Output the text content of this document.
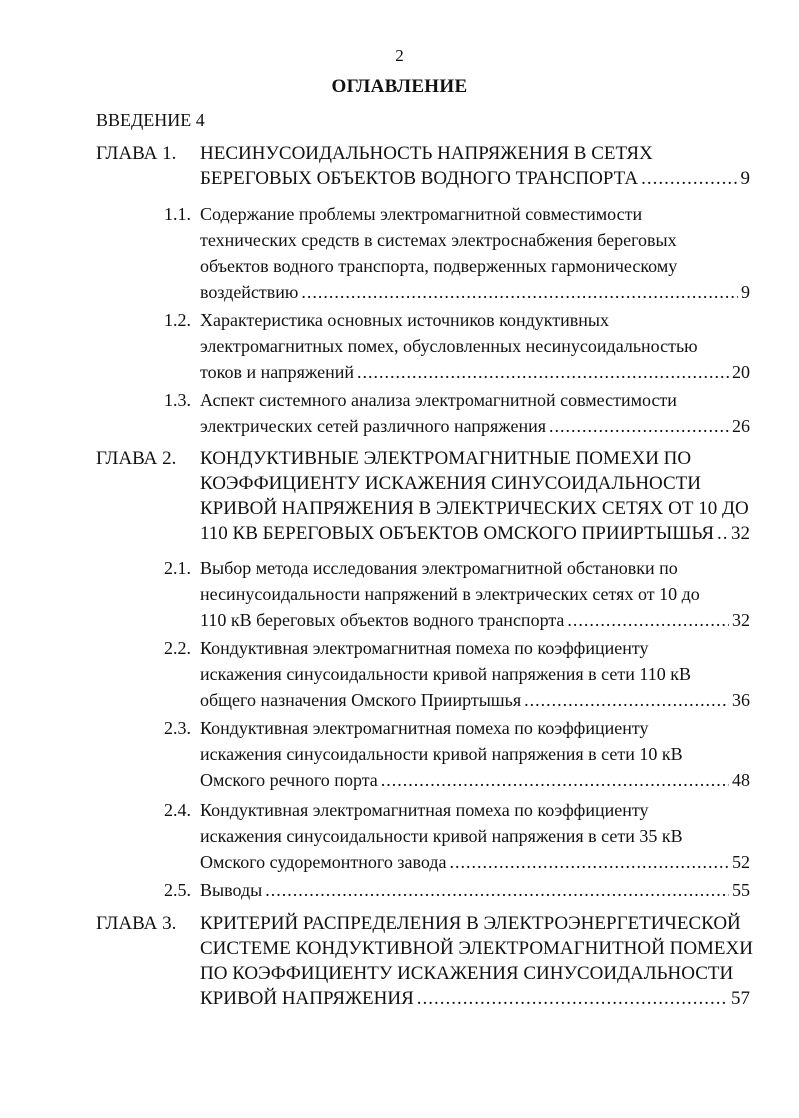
2
ОГЛАВЛЕНИЕ
ВВЕДЕНИЕ 4
ГЛАВА 1. НЕСИНУСОИДАЛЬНОСТЬ НАПРЯЖЕНИЯ В СЕТЯХ
БЕРЕГОВЫХ ОБЪЕКТОВ ВОДНОГО ТРАНСПОРТА .....	9
1.1. Содержание проблемы электромагнитной совместимости
технических средств в системах электроснабжения береговых
объектов водного транспорта, подверженных гармоническому
воздействию .....	9
1.2. Характеристика основных источников кондуктивных
электромагнитных помех, обусловленных несинусоидальностью
токов и напряжений .....	20
1.3. Аспект системного анализа электромагнитной совместимости
электрических сетей различного напряжения .....	26
ГЛАВА 2. КОНДУКТИВНЫЕ ЭЛЕКТРОМАГНИТНЫЕ ПОМЕХИ ПО
КОЭФФИЦИЕНТУ ИСКАЖЕНИЯ СИНУСОИДАЛЬНОСТИ
КРИВОЙ НАПРЯЖЕНИЯ В ЭЛЕКТРИЧЕСКИХ СЕТЯХ ОТ 10 ДО
110 КВ БЕРЕГОВЫХ ОБЪЕКТОВ ОМСКОГО ПРИИРТЫШЬЯ ..... 32
2.1. Выбор метода исследования электромагнитной обстановки по
несинусоидальности напряжений в электрических сетях от 10 до
110 кВ береговых объектов водного транспорта .....	32
2.2. Кондуктивная электромагнитная помеха по коэффициенту
искажения синусоидальности кривой напряжения в сети 110 кВ
общего назначения Омского Прииртышья .....	36
2.3. Кондуктивная электромагнитная помеха по коэффициенту
искажения синусоидальности кривой напряжения в сети 10 кВ
Омского речного порта .....	48
2.4. Кондуктивная электромагнитная помеха по коэффициенту
искажения синусоидальности кривой напряжения в сети 35 кВ
Омского судоремонтного завода .....	52
2.5. Выводы .....	55
ГЛАВА 3. КРИТЕРИЙ РАСПРЕДЕЛЕНИЯ В ЭЛЕКТРОЭНЕРГЕТИЧЕСКОЙ
СИСТЕМЕ КОНДУКТИВНОЙ ЭЛЕКТРОМАГНИТНОЙ ПОМЕХИ
ПО КОЭФФИЦИЕНТУ ИСКАЖЕНИЯ СИНУСОИДАЛЬНОСТИ
КРИВОЙ НАПРЯЖЕНИЯ .....	57
